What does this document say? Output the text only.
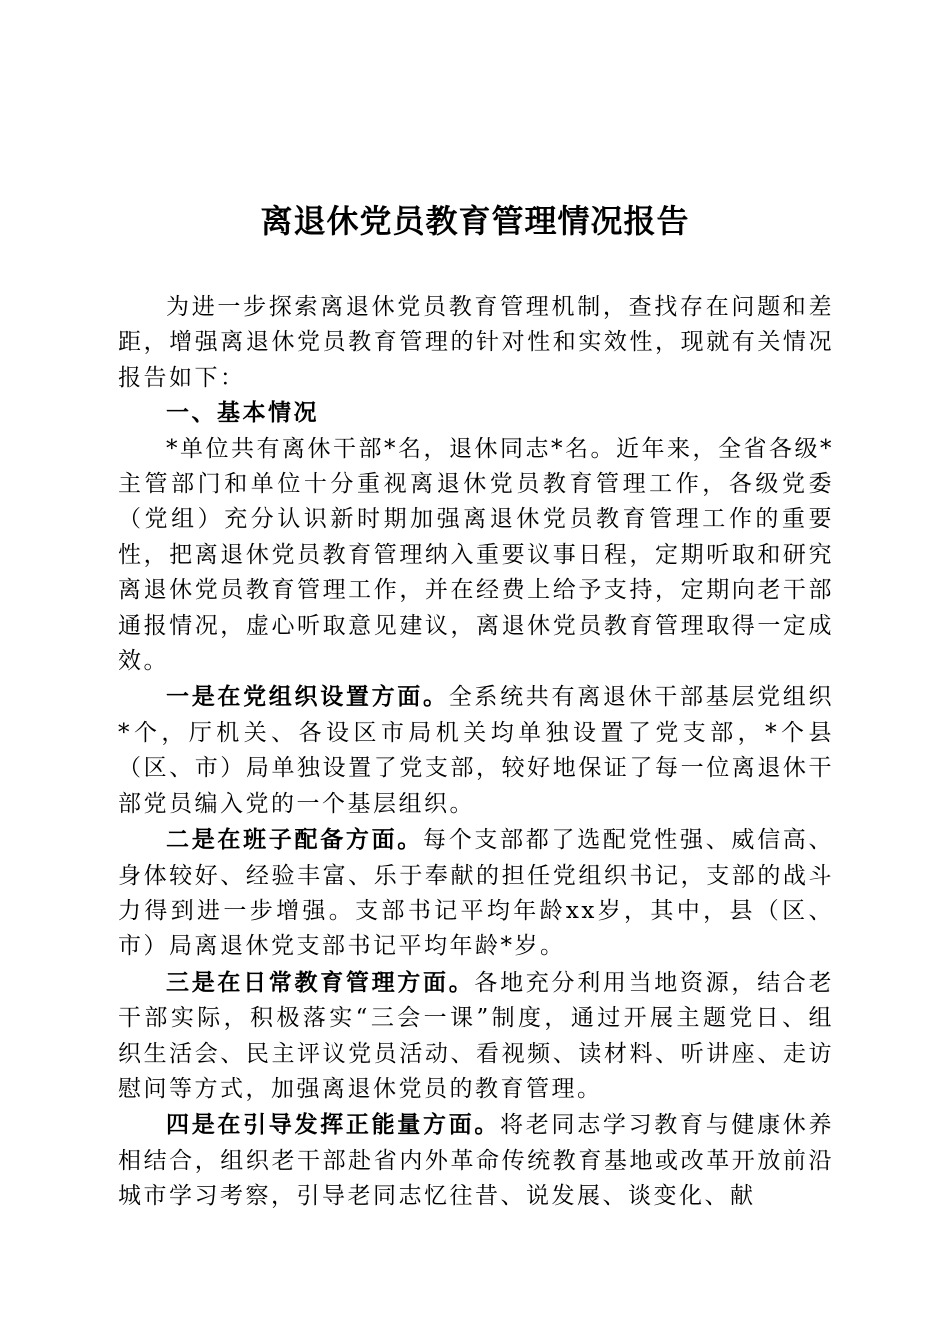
离退休党员教育管理情况报告

为进一步探索离退休党员教育管理机制，查找存在问题和差距，增强离退休党员教育管理的针对性和实效性，现就有关情况报告如下：

一、基本情况

*单位共有离休干部*名，退休同志*名。近年来，全省各级*主管部门和单位十分重视离退休党员教育管理工作，各级党委（党组）充分认识新时期加强离退休党员教育管理工作的重要性，把离退休党员教育管理纳入重要议事日程，定期听取和研究离退休党员教育管理工作，并在经费上给予支持，定期向老干部通报情况，虚心听取意见建议，离退休党员教育管理取得一定成效。

一是在党组织设置方面。全系统共有离退休干部基层党组织*个，厅机关、各设区市局机关均单独设置了党支部，*个县（区、市）局单独设置了党支部，较好地保证了每一位离退休干部党员编入党的一个基层组织。

二是在班子配备方面。每个支部都了选配党性强、威信高、身体较好、经验丰富、乐于奉献的担任党组织书记，支部的战斗力得到进一步增强。支部书记平均年龄xx岁，其中，县（区、市）局离退休党支部书记平均年龄*岁。

三是在日常教育管理方面。各地充分利用当地资源，结合老干部实际，积极落实“三会一课”制度，通过开展主题党日、组织生活会、民主评议党员活动、看视频、读材料、听讲座、走访慰问等方式，加强离退休党员的教育管理。

四是在引导发挥正能量方面。将老同志学习教育与健康休养相结合，组织老干部赴省内外革命传统教育基地或改革开放前沿城市学习考察，引导老同志忆往昔、说发展、谈变化、献
